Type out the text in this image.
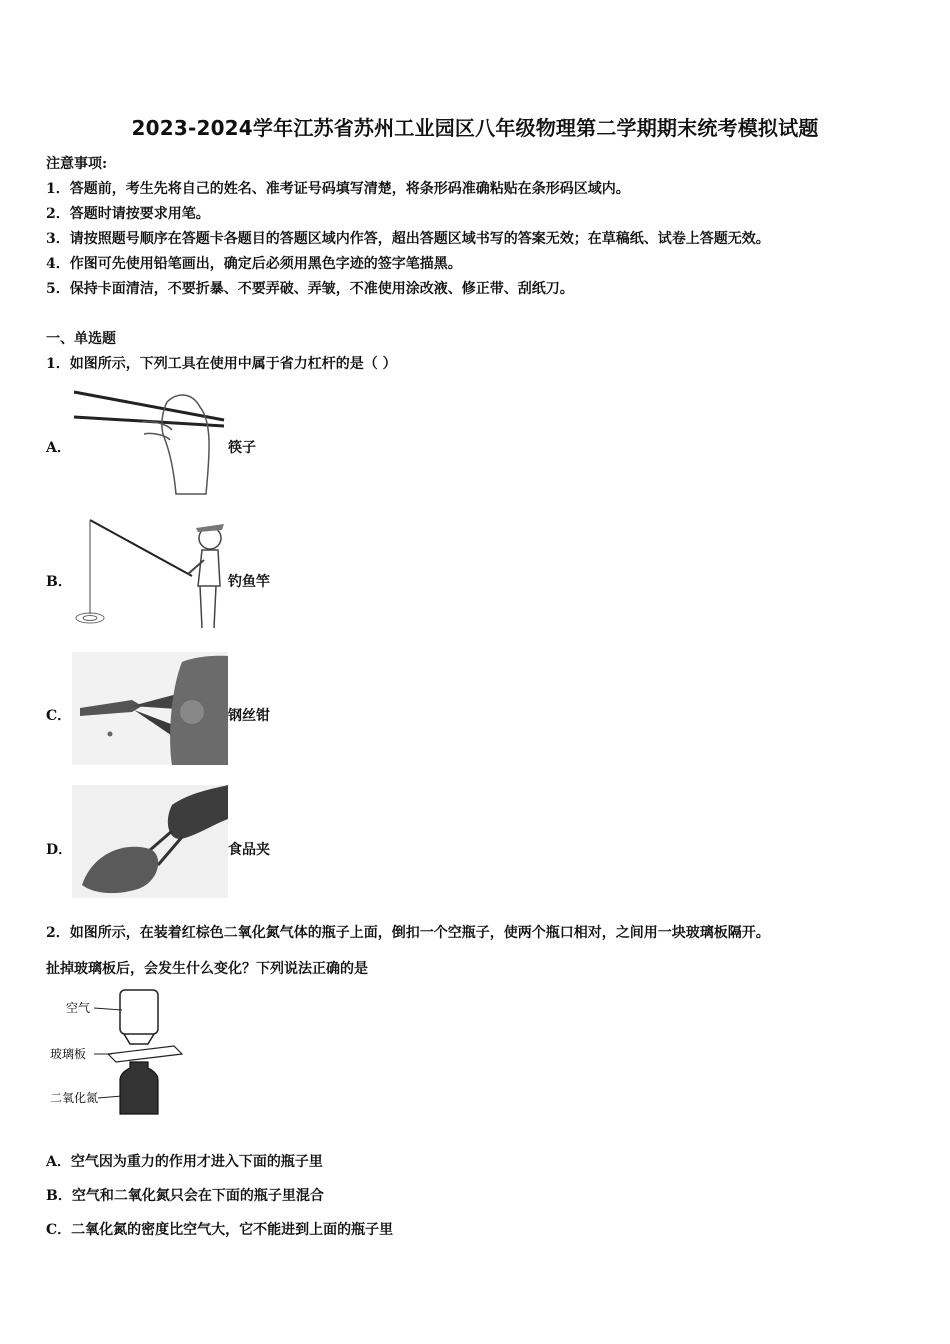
2023-2024学年江苏省苏州工业园区八年级物理第二学期期末统考模拟试题
注意事项:
1．答题前，考生先将自己的姓名、准考证号码填写清楚，将条形码准确粘贴在条形码区域内。
2．答题时请按要求用笔。
3．请按照题号顺序在答题卡各题目的答题区域内作答，超出答题区域书写的答案无效；在草稿纸、试卷上答题无效。
4．作图可先使用铅笔画出，确定后必须用黑色字迹的签字笔描黑。
5．保持卡面清洁，不要折暴、不要弄破、弄皱，不准使用涂改液、修正带、刮纸刀。
一、单选题
1．如图所示，下列工具在使用中属于省力杠杆的是（ ）
A．	筷子
B．	钓鱼竿
C．	钢丝钳
D．	食品夹
2．如图所示，在装着红棕色二氧化氮气体的瓶子上面，倒扣一个空瓶子，使两个瓶口相对，之间用一块玻璃板隔开。
扯掉玻璃板后，会发生什么变化？下列说法正确的是
空气
玻璃板
二氧化氮
A．空气因为重力的作用才进入下面的瓶子里
B．空气和二氧化氮只会在下面的瓶子里混合
C．二氧化氮的密度比空气大，它不能进到上面的瓶子里
